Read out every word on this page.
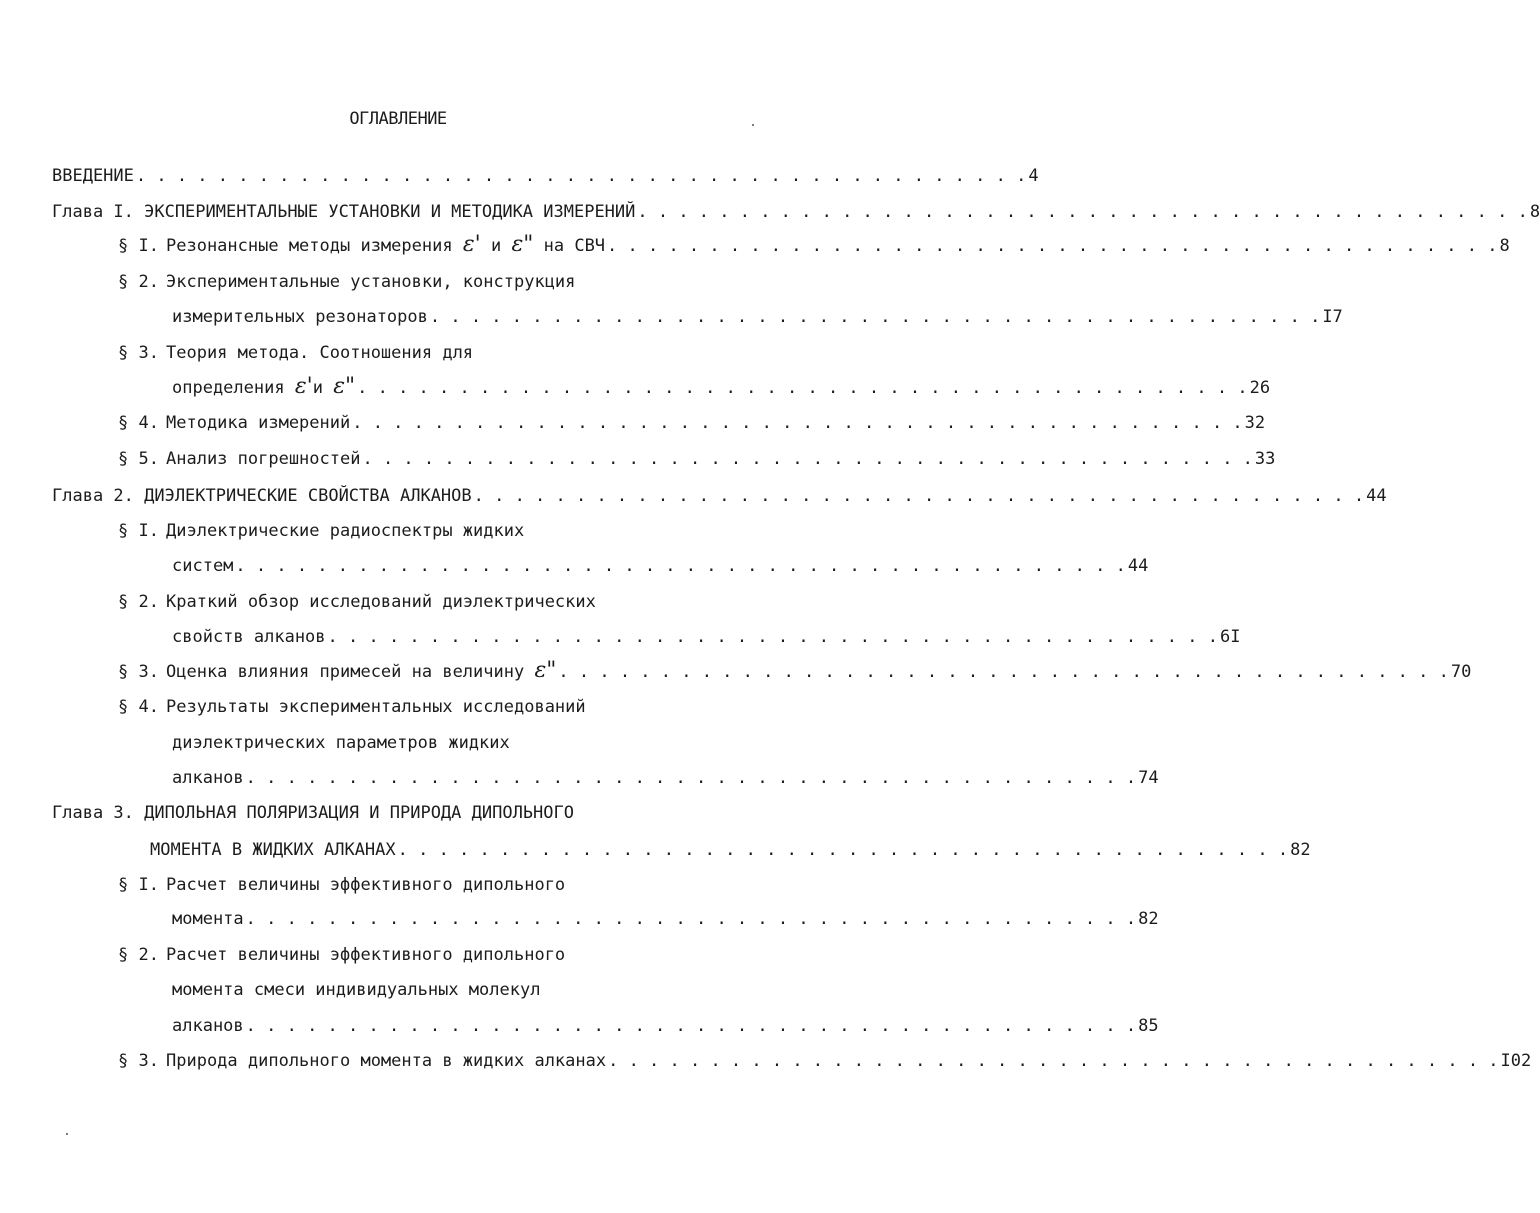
ОГЛАВЛЕНИЕ
ВВЕДЕНИЕ . . . . . . . . . . . . . . . . . . . . . . . . . . . . . . . . . . . . . . . . . . . . 4
Глава I. ЭКСПЕРИМЕНТАЛЬНЫЕ УСТАНОВКИ И МЕТОДИКА ИЗМЕРЕНИЙ . . . . . . . . . . . . . . . . . . . . . . . . . . . . . . . . . . . . . . . . . . . . 8
§ I. Резонансные методы измерения ε' и ε" на СВЧ . . . . . . . . . . . . . . . . . . . . . . . . . . . . . . . . . . . . . . . . . . . . 8
§ 2. Экспериментальные установки, конструкция
измерительных резонаторов . . . . . . . . . . . . . . . . . . . . . . . . . . . . . . . . . . . . . . . . . . . . I7
§ 3. Теория метода. Соотношения для
определения ε'и ε" . . . . . . . . . . . . . . . . . . . . . . . . . . . . . . . . . . . . . . . . . . . . 26
§ 4. Методика измерений . . . . . . . . . . . . . . . . . . . . . . . . . . . . . . . . . . . . . . . . . . . . 32
§ 5. Анализ погрешностей . . . . . . . . . . . . . . . . . . . . . . . . . . . . . . . . . . . . . . . . . . . . 33
Глава 2. ДИЭЛЕКТРИЧЕСКИЕ СВОЙСТВА АЛКАНОВ . . . . . . . . . . . . . . . . . . . . . . . . . . . . . . . . . . . . . . . . . . . . 44
§ I. Диэлектрические радиоспектры жидких
систем . . . . . . . . . . . . . . . . . . . . . . . . . . . . . . . . . . . . . . . . . . . . 44
§ 2. Краткий обзор исследований диэлектрических
свойств алканов . . . . . . . . . . . . . . . . . . . . . . . . . . . . . . . . . . . . . . . . . . . . 6I
§ 3. Оценка влияния примесей на величину ε" . . . . . . . . . . . . . . . . . . . . . . . . . . . . . . . . . . . . . . . . . . . . 70
§ 4. Результаты экспериментальных исследований
диэлектрических параметров жидких
алканов . . . . . . . . . . . . . . . . . . . . . . . . . . . . . . . . . . . . . . . . . . . . 74
Глава 3. ДИПОЛЬНАЯ ПОЛЯРИЗАЦИЯ И ПРИРОДА ДИПОЛЬНОГО
МОМЕНТА В ЖИДКИХ АЛКАНАХ . . . . . . . . . . . . . . . . . . . . . . . . . . . . . . . . . . . . . . . . . . . . 82
§ I. Расчет величины эффективного дипольного
момента . . . . . . . . . . . . . . . . . . . . . . . . . . . . . . . . . . . . . . . . . . . . 82
§ 2. Расчет величины эффективного дипольного
момента смеси индивидуальных молекул
алканов . . . . . . . . . . . . . . . . . . . . . . . . . . . . . . . . . . . . . . . . . . . . 85
§ 3. Природа дипольного момента в жидких алканах . . . . . . . . . . . . . . . . . . . . . . . . . . . . . . . . . . . . . . . . . . . . I02
